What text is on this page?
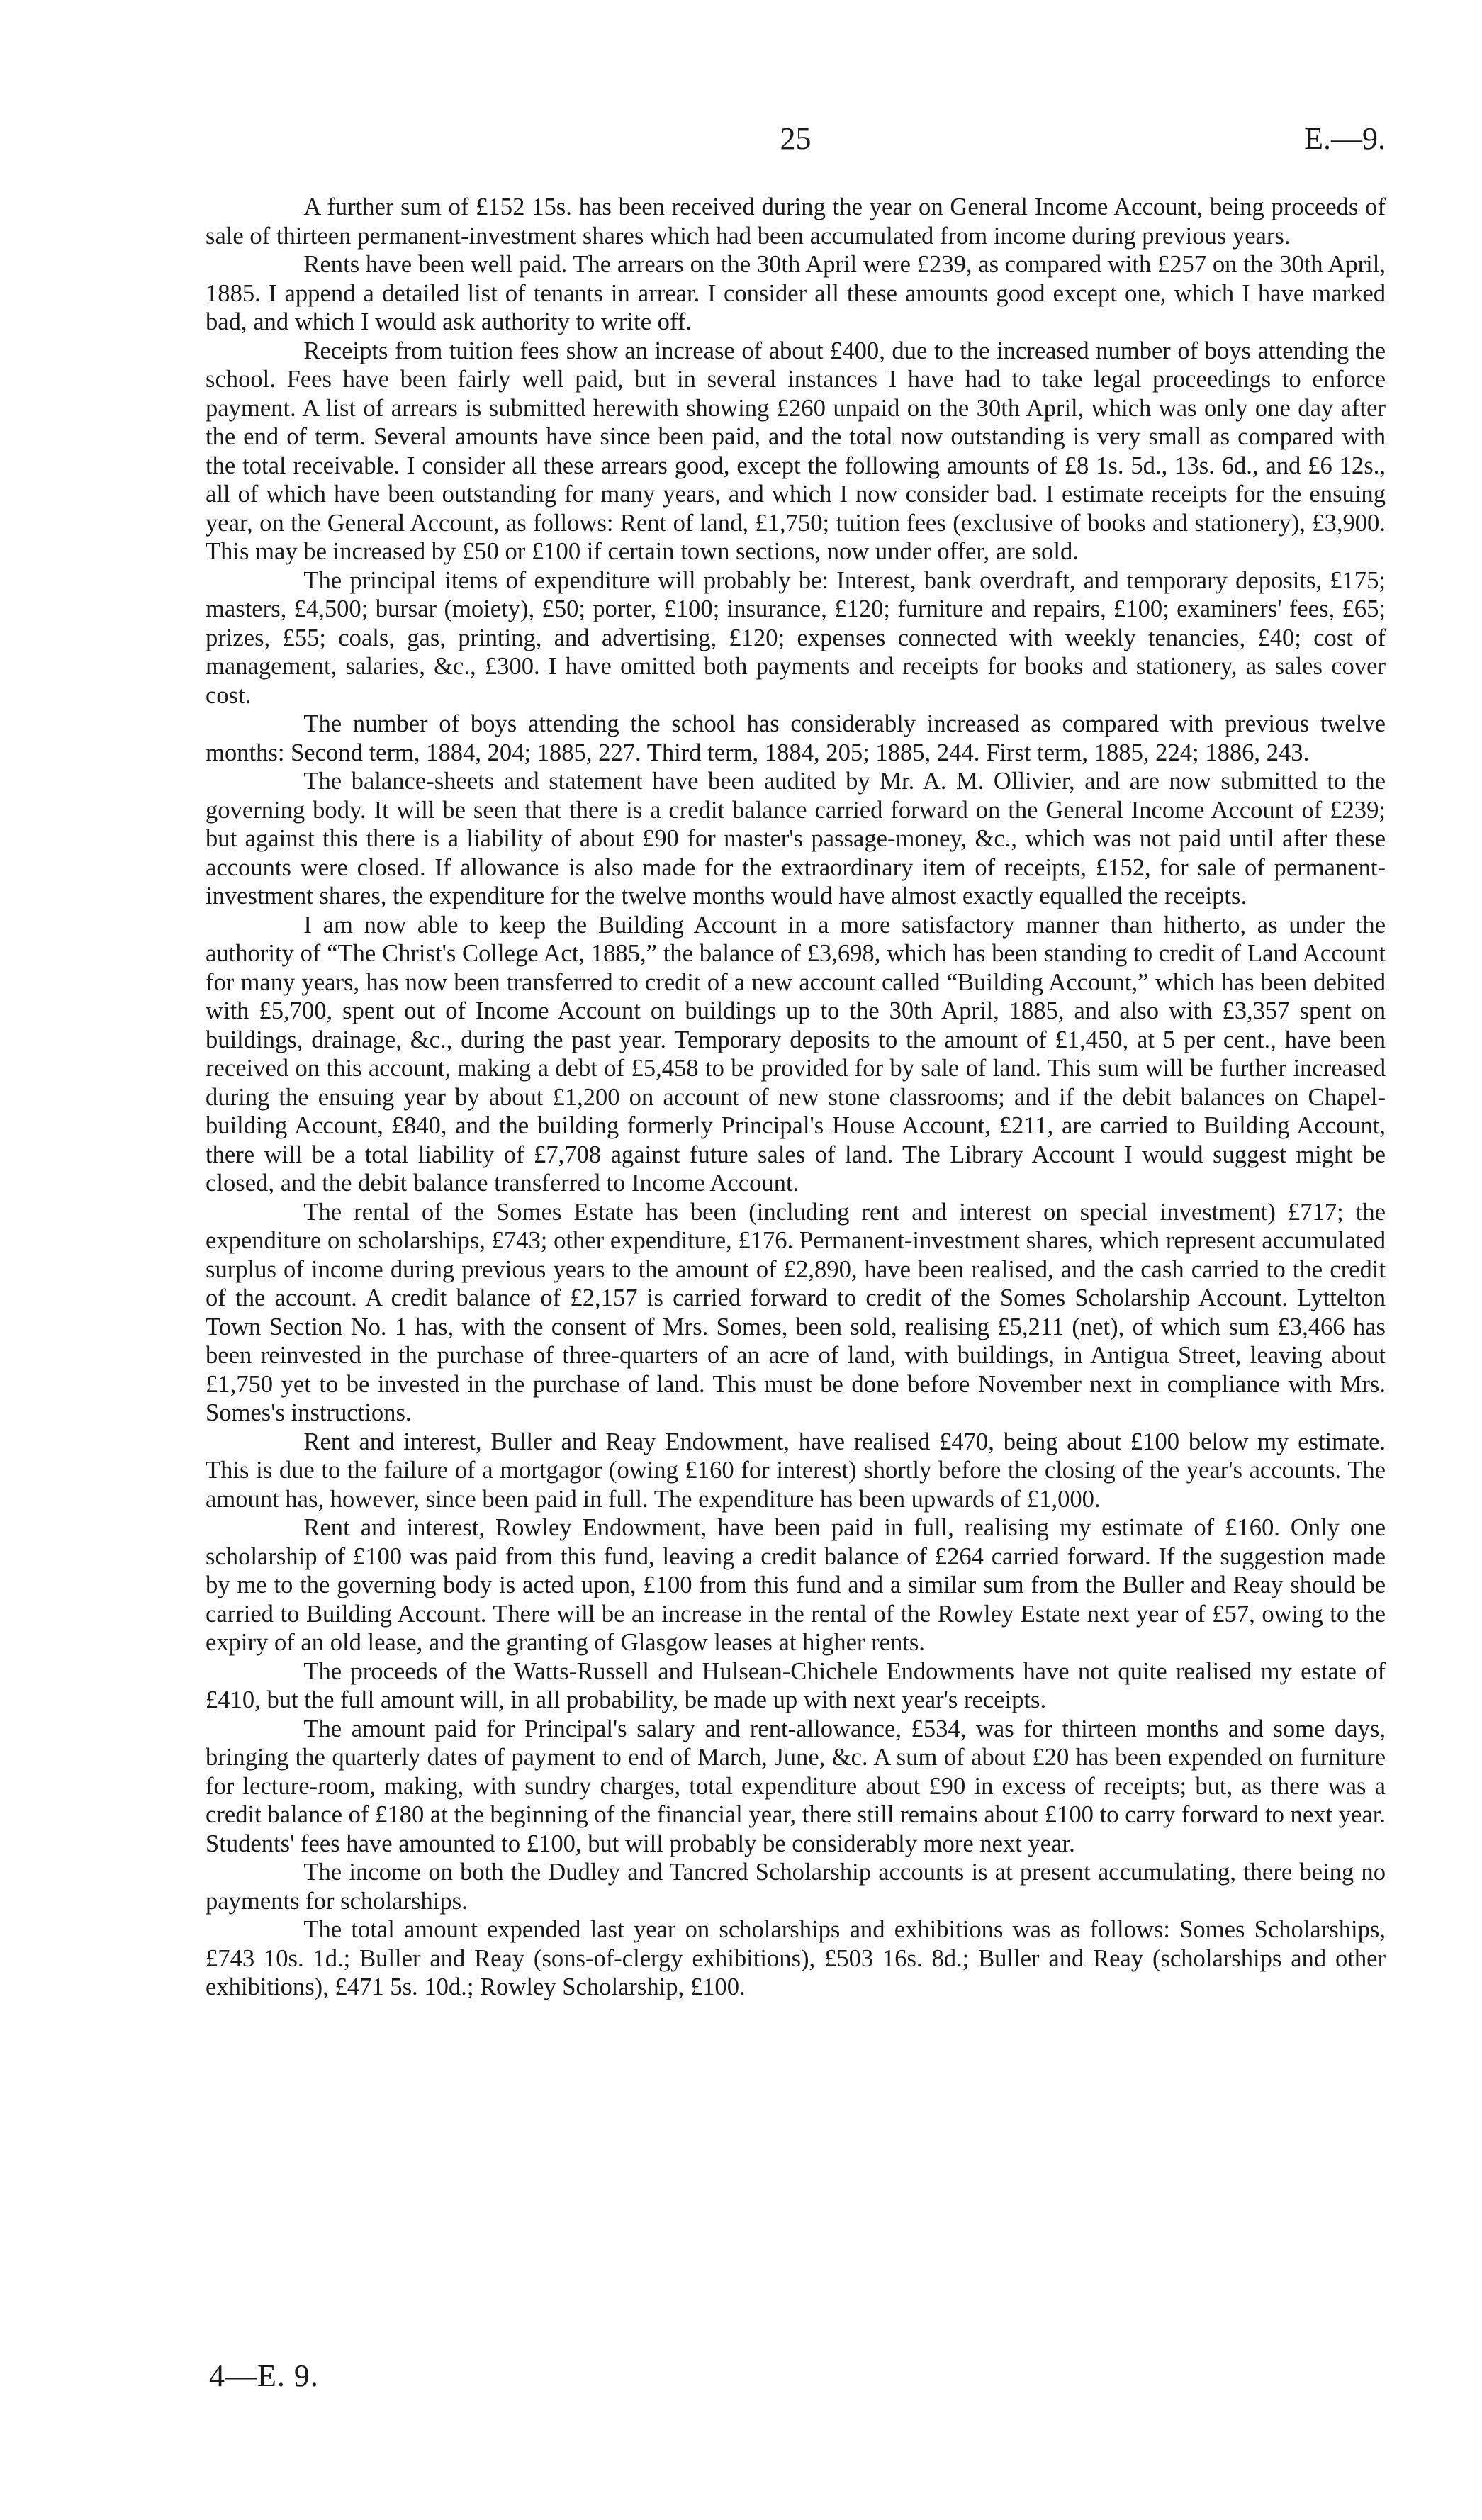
25	E.—9.

A further sum of £152 15s. has been received during the year on General Income Account, being proceeds of sale of thirteen permanent-investment shares which had been accumulated from income during previous years.

Rents have been well paid. The arrears on the 30th April were £239, as compared with £257 on the 30th April, 1885. I append a detailed list of tenants in arrear. I consider all these amounts good except one, which I have marked bad, and which I would ask authority to write off.

Receipts from tuition fees show an increase of about £400, due to the increased number of boys attending the school. Fees have been fairly well paid, but in several instances I have had to take legal proceedings to enforce payment. A list of arrears is submitted herewith showing £260 unpaid on the 30th April, which was only one day after the end of term. Several amounts have since been paid, and the total now outstanding is very small as compared with the total receivable. I consider all these arrears good, except the following amounts of £8 1s. 5d., 13s. 6d., and £6 12s., all of which have been outstanding for many years, and which I now consider bad. I estimate receipts for the ensuing year, on the General Account, as follows: Rent of land, £1,750; tuition fees (exclusive of books and stationery), £3,900. This may be increased by £50 or £100 if certain town sections, now under offer, are sold.

The principal items of expenditure will probably be: Interest, bank overdraft, and temporary deposits, £175; masters, £4,500; bursar (moiety), £50; porter, £100; insurance, £120; furniture and repairs, £100; examiners' fees, £65; prizes, £55; coals, gas, printing, and advertising, £120; expenses connected with weekly tenancies, £40; cost of management, salaries, &c., £300. I have omitted both payments and receipts for books and stationery, as sales cover cost.

The number of boys attending the school has considerably increased as compared with previous twelve months: Second term, 1884, 204; 1885, 227. Third term, 1884, 205; 1885, 244. First term, 1885, 224; 1886, 243.

The balance-sheets and statement have been audited by Mr. A. M. Ollivier, and are now submitted to the governing body. It will be seen that there is a credit balance carried forward on the General Income Account of £239; but against this there is a liability of about £90 for master's passage-money, &c., which was not paid until after these accounts were closed. If allowance is also made for the extraordinary item of receipts, £152, for sale of permanent-investment shares, the expenditure for the twelve months would have almost exactly equalled the receipts.

I am now able to keep the Building Account in a more satisfactory manner than hitherto, as under the authority of “The Christ's College Act, 1885,” the balance of £3,698, which has been standing to credit of Land Account for many years, has now been transferred to credit of a new account called “Building Account,” which has been debited with £5,700, spent out of Income Account on buildings up to the 30th April, 1885, and also with £3,357 spent on buildings, drainage, &c., during the past year. Temporary deposits to the amount of £1,450, at 5 per cent., have been received on this account, making a debt of £5,458 to be provided for by sale of land. This sum will be further increased during the ensuing year by about £1,200 on account of new stone classrooms; and if the debit balances on Chapel-building Account, £840, and the building formerly Principal's House Account, £211, are carried to Building Account, there will be a total liability of £7,708 against future sales of land. The Library Account I would suggest might be closed, and the debit balance transferred to Income Account.

The rental of the Somes Estate has been (including rent and interest on special investment) £717; the expenditure on scholarships, £743; other expenditure, £176. Permanent-investment shares, which represent accumulated surplus of income during previous years to the amount of £2,890, have been realised, and the cash carried to the credit of the account. A credit balance of £2,157 is carried forward to credit of the Somes Scholarship Account. Lyttelton Town Section No. 1 has, with the consent of Mrs. Somes, been sold, realising £5,211 (net), of which sum £3,466 has been reinvested in the purchase of three-quarters of an acre of land, with buildings, in Antigua Street, leaving about £1,750 yet to be invested in the purchase of land. This must be done before November next in compliance with Mrs. Somes's instructions.

Rent and interest, Buller and Reay Endowment, have realised £470, being about £100 below my estimate. This is due to the failure of a mortgagor (owing £160 for interest) shortly before the closing of the year's accounts. The amount has, however, since been paid in full. The expenditure has been upwards of £1,000.

Rent and interest, Rowley Endowment, have been paid in full, realising my estimate of £160. Only one scholarship of £100 was paid from this fund, leaving a credit balance of £264 carried forward. If the suggestion made by me to the governing body is acted upon, £100 from this fund and a similar sum from the Buller and Reay should be carried to Building Account. There will be an increase in the rental of the Rowley Estate next year of £57, owing to the expiry of an old lease, and the granting of Glasgow leases at higher rents.

The proceeds of the Watts-Russell and Hulsean-Chichele Endowments have not quite realised my estate of £410, but the full amount will, in all probability, be made up with next year's receipts.

The amount paid for Principal's salary and rent-allowance, £534, was for thirteen months and some days, bringing the quarterly dates of payment to end of March, June, &c. A sum of about £20 has been expended on furniture for lecture-room, making, with sundry charges, total expenditure about £90 in excess of receipts; but, as there was a credit balance of £180 at the beginning of the financial year, there still remains about £100 to carry forward to next year. Students' fees have amounted to £100, but will probably be considerably more next year.

The income on both the Dudley and Tancred Scholarship accounts is at present accumulating, there being no payments for scholarships.

The total amount expended last year on scholarships and exhibitions was as follows: Somes Scholarships, £743 10s. 1d.; Buller and Reay (sons-of-clergy exhibitions), £503 16s. 8d.; Buller and Reay (scholarships and other exhibitions), £471 5s. 10d.; Rowley Scholarship, £100.

4—E. 9.
